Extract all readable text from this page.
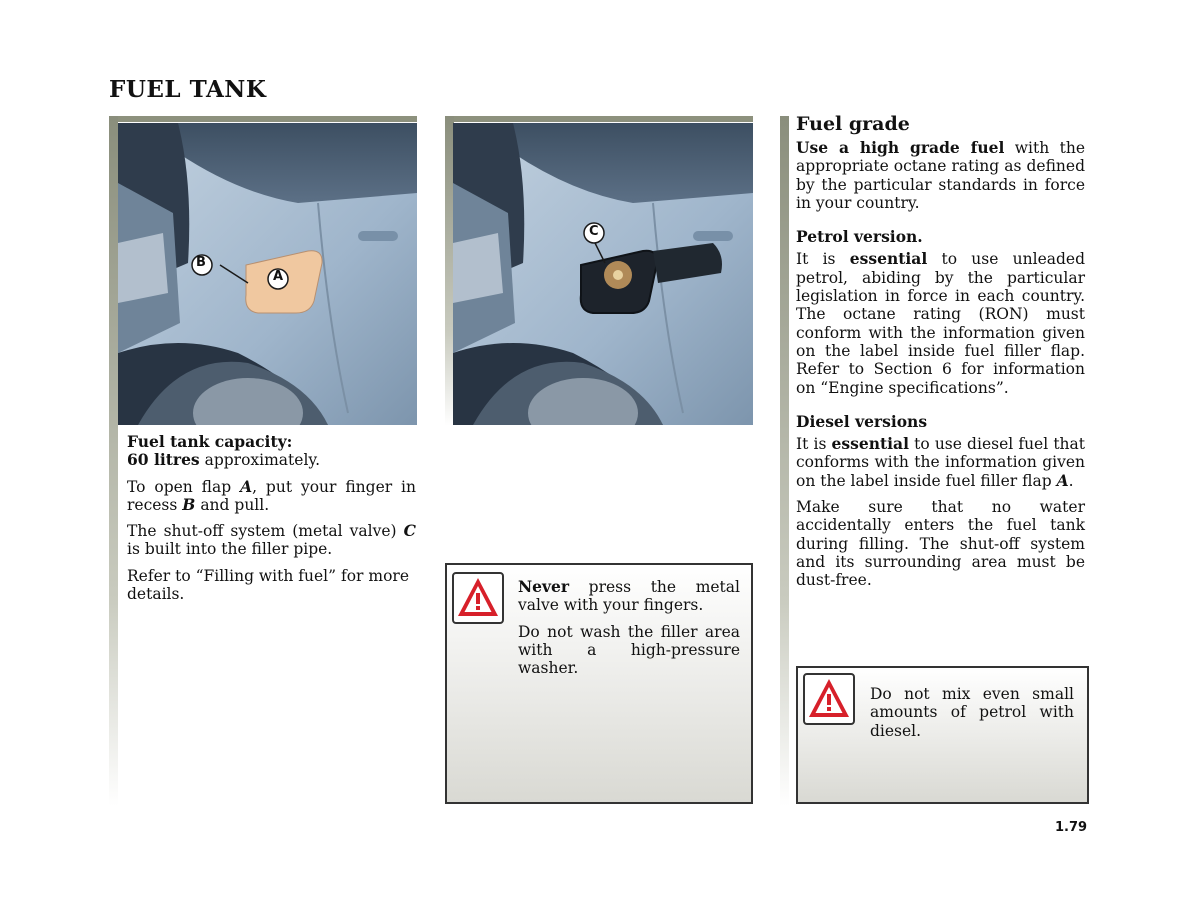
FUEL TANK
B
A
C

Fuel tank capacity:
60 litres approximately.

To open flap A, put your finger in recess B and pull.

The shut-off system (metal valve) C is built into the filler pipe.

Refer to “Filling with fuel” for more details.	Never press the metal valve with your fingers.

Do not wash the filler area with a high-pressure washer.

Fuel grade

Use a high grade fuel with the appropriate octane rating as defined by the particular standards in force in your country.

Petrol version.

It is essential to use unleaded petrol, abiding by the particular legislation in force in each country. The octane rating (RON) must conform with the information given on the label inside fuel filler flap. Refer to Section 6 for information on “Engine specifications”.

Diesel versions

It is essential to use diesel fuel that conforms with the information given on the label inside fuel filler flap A.

Make sure that no water accidentally enters the fuel tank during filling. The shut-off system and its surrounding area must be dust-free.

Do not mix even small amounts of petrol with diesel.

1.79
